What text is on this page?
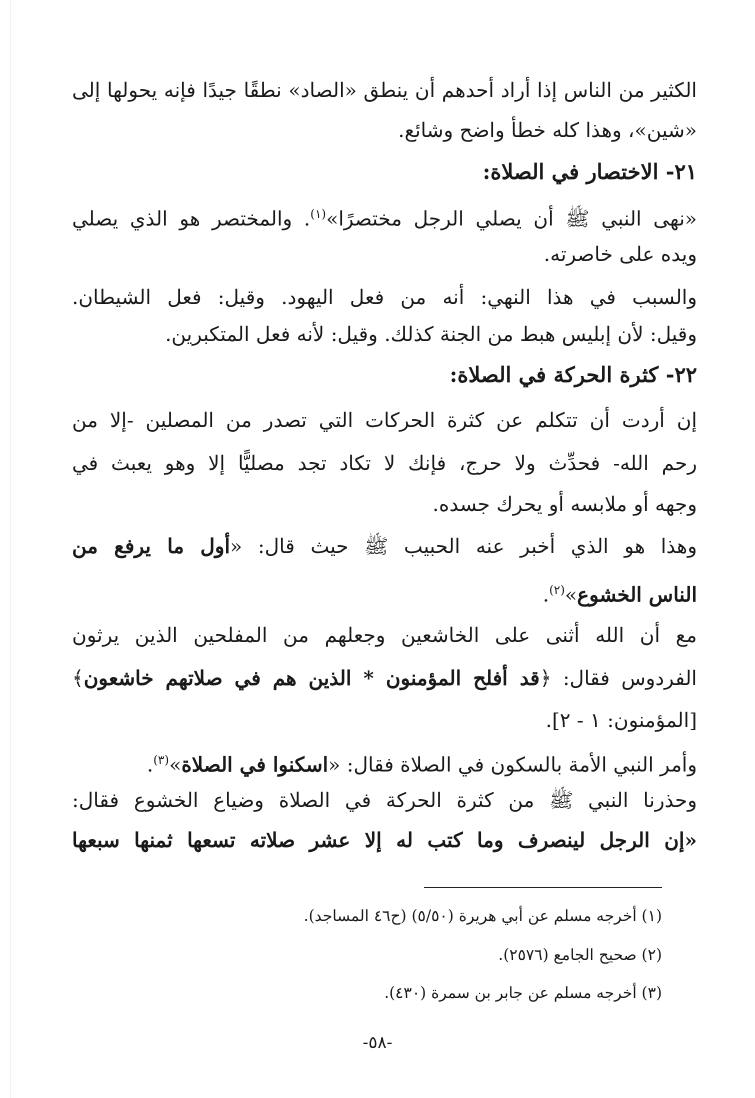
الكثير من الناس إذا أراد أحدهم أن ينطق «الصاد» نطقًا جيدًا فإنه يحولها إلى
«شين»، وهذا كله خطأ واضح وشائع.
٢١- الاختصار في الصلاة:
«نهى النبي ﷺ أن يصلي الرجل مختصرًا»$^{(١)}$. والمختصر هو الذي يصلي
ويده على خاصرته.
والسبب في هذا النهي: أنه من فعل اليهود. وقيل: فعل الشيطان.
وقيل: لأن إبليس هبط من الجنة كذلك. وقيل: لأنه فعل المتكبرين.
٢٢- كثرة الحركة في الصلاة:
إن أردت أن تتكلم عن كثرة الحركات التي تصدر من المصلين -إلا من
رحم الله- فحدِّث ولا حرج، فإنك لا تكاد تجد مصليًّا إلا وهو يعبث في
وجهه أو ملابسه أو يحرك جسده.
وهذا هو الذي أخبر عنه الحبيب ﷺ حيث قال: «أول ما يرفع من
الناس الخشوع»$^{(٢)}$.
مع أن الله أثنى على الخاشعين وجعلهم من المفلحين الذين يرثون
الفردوس فقال: ﴿قد أفلح المؤمنون * الذين هم في صلاتهم خاشعون﴾
[المؤمنون: ١ - ٢].
وأمر النبي الأمة بالسكون في الصلاة فقال: «اسكنوا في الصلاة»$^{(٣)}$.
وحذرنا النبي ﷺ من كثرة الحركة في الصلاة وضياع الخشوع فقال:
«إن الرجل لينصرف وما كتب له إلا عشر صلاته تسعها ثمنها سبعها
(١) أخرجه مسلم عن أبي هريرة (٥/٥٠) (ح٤٦ المساجد).
(٢) صحيح الجامع (٢٥٧٦).
(٣) أخرجه مسلم عن جابر بن سمرة (٤٣٠).
-٥٨-
